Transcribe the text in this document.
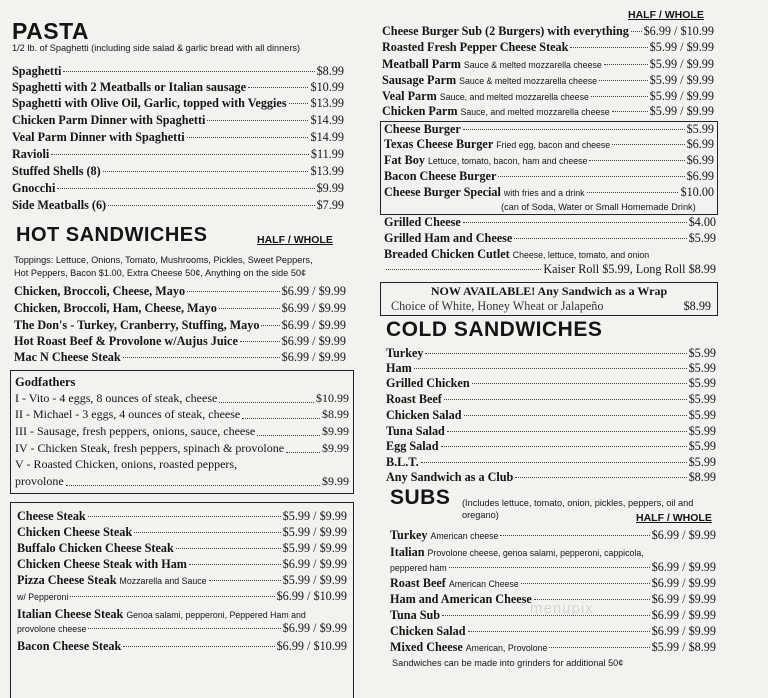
PASTA
1/2 lb. of Spaghetti (including side salad & garlic bread with all dinners)
Spaghetti	$8.99
Spaghetti with 2 Meatballs or Italian sausage	$10.99
Spaghetti with Olive Oil, Garlic, topped with Veggies $13.99
Chicken Parm Dinner with Spaghetti	$14.99
Veal Parm Dinner with Spaghetti	$14.99
Ravioli	$11.99
Stuffed Shells (8)	$13.99
Gnocchi	$9.99
Side Meatballs (6)	$7.99
HOT SANDWICHES	HALF / WHOLE
Toppings: Lettuce, Onions, Tomato, Mushrooms, Pickles, Sweet Peppers,
Hot Peppers, Bacon $1.00, Extra Cheese 50¢, Anything on the side 50¢
Chicken, Broccoli, Cheese, Mayo	$6.99 / $9.99
Chicken, Broccoli, Ham, Cheese, Mayo	$6.99 / $9.99
The Don's - Turkey, Cranberry, Stuffing, Mayo $6.99 / $9.99
Hot Roast Beef & Provolone w/Aujus Juice	$6.99 / $9.99
Mac N Cheese Steak	$6.99 / $9.99
Godfathers
I - Vito - 4 eggs, 8 ounces of steak, cheese	$10.99
II - Michael - 3 eggs, 4 ounces of steak, cheese	$8.99
III - Sausage, fresh peppers, onions, sauce, cheese	$9.99
IV - Chicken Steak, fresh peppers, spinach & provolone	$9.99
V - Roasted Chicken, onions, roasted peppers,
provolone	$9.99
Cheese Steak	$5.99 / $9.99
Chicken Cheese Steak	$5.99 / $9.99
Buffalo Chicken Cheese Steak	$5.99 / $9.99
Chicken Cheese Steak with Ham	$6.99 / $9.99
Pizza Cheese Steak Mozzarella and Sauce	$5.99 / $9.99
w/ Pepperoni	$6.99 / $10.99
Italian Cheese Steak Genoa salami, pepperoni, Peppered Ham and
provolone cheese	$6.99 / $9.99
Bacon Cheese Steak	$6.99 / $10.99
HALF / WHOLE
Cheese Burger Sub (2 Burgers) with everything $6.99 / $10.99
Roasted Fresh Pepper Cheese Steak	$5.99 / $9.99
Meatball Parm Sauce & melted mozzarella cheese	$5.99 / $9.99
Sausage Parm Sauce & melted mozzarella cheese	$5.99 / $9.99
Veal Parm Sauce, and melted mozzarella cheese	$5.99 / $9.99
Chicken Parm Sauce, and melted mozzarella cheese	$5.99 / $9.99
Cheese Burger	$5.99
Texas Cheese Burger Fried egg, bacon and cheese	$6.99
Fat Boy Lettuce, tomato, bacon, ham and cheese	$6.99
Bacon Cheese Burger	$6.99
Cheese Burger Special with fries and a drink	$10.00
(can of Soda, Water or Small Homemade Drink)
Grilled Cheese	$4.00
Grilled Ham and Cheese	$5.99
Breaded Chicken Cutlet Cheese, lettuce, tomato, and onion
Kaiser Roll $5.99, Long Roll $8.99
NOW AVAILABLE! Any Sandwich as a Wrap
Choice of White, Honey Wheat or Jalapeño	$8.99
COLD SANDWICHES
Turkey	$5.99
Ham	$5.99
Grilled Chicken	$5.99
Roast Beef	$5.99
Chicken Salad	$5.99
Tuna Salad	$5.99
Egg Salad	$5.99
B.L.T.	$5.99
Any Sandwich as a Club	$8.99
SUBS (Includes lettuce, tomato, onion, pickles, peppers, oil and oregano)	HALF / WHOLE
Turkey American cheese	$6.99 / $9.99
Italian Provolone cheese, genoa salami, pepperoni, cappicola,
peppered ham	$6.99 / $9.99
Roast Beef American Cheese	$6.99 / $9.99
Ham and American Cheese	$6.99 / $9.99
Tuna Sub	$6.99 / $9.99
Chicken Salad	$6.99 / $9.99
Mixed Cheese American, Provolone	$5.99 / $8.99
Sandwiches can be made into grinders for additional 50¢
menupix
